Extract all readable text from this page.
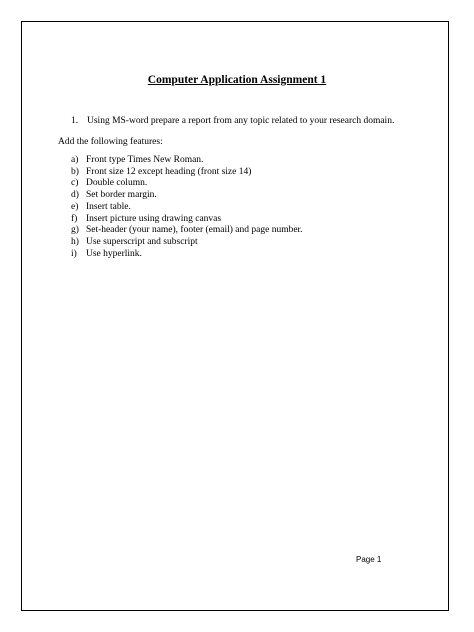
Computer Application Assignment 1
1. Using MS-word prepare a report from any topic related to your research domain.
Add the following features:
a) Front type Times New Roman.
b) Front size 12 except heading (front size 14)
c) Double column.
d) Set border margin.
e) Insert table.
f) Insert picture using drawing canvas
g) Set-header (your name), footer (email) and page number.
h) Use superscript and subscript
i) Use hyperlink.
Page 1
